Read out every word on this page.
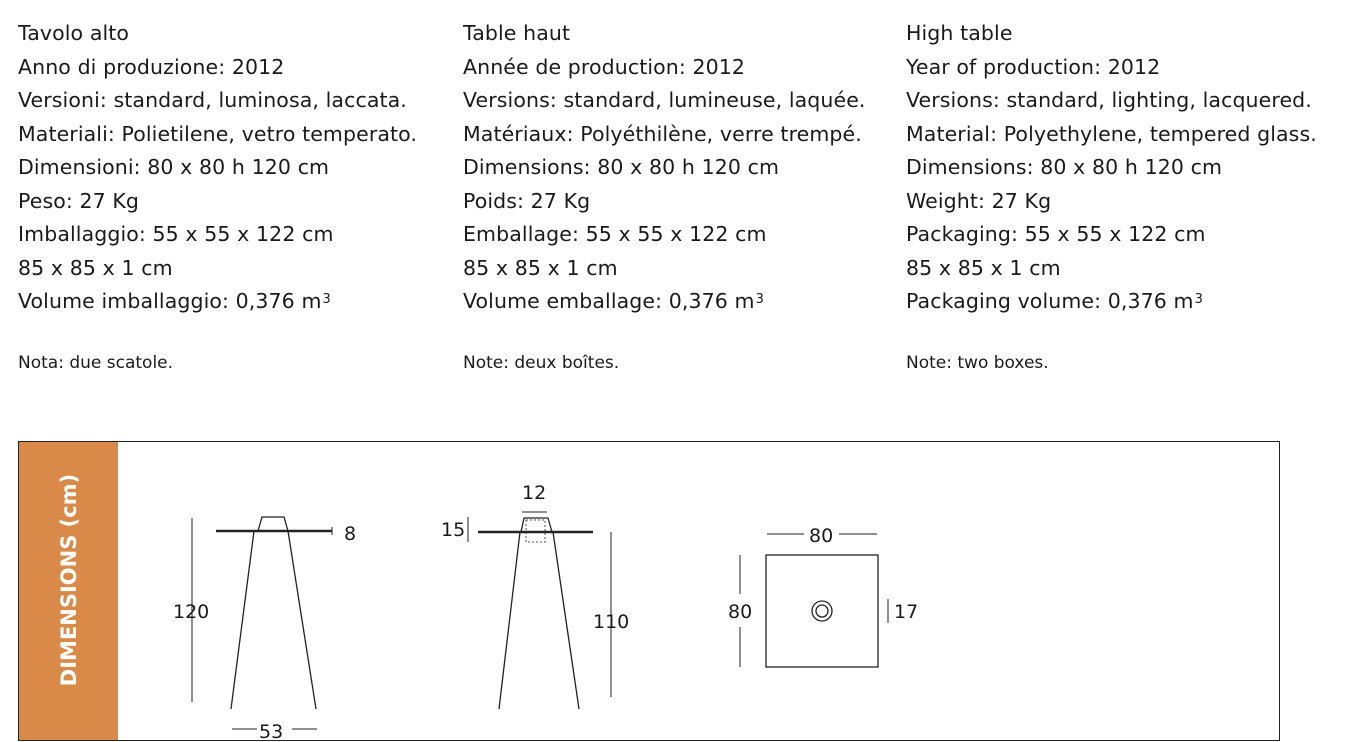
Tavolo alto
Anno di produzione: 2012
Versioni: standard, luminosa, laccata.
Materiali: Polietilene, vetro temperato.
Dimensioni: 80 x 80 h 120 cm
Peso: 27 Kg
Imballaggio: 55 x 55 x 122 cm
85 x 85 x 1 cm
Volume imballaggio: 0,376 $m^3$
Nota: due scatole.
Table haut
Année de production: 2012
Versions: standard, lumineuse, laquée.
Matériaux: Polyéthilène, verre trempé.
Dimensions: 80 x 80 h 120 cm
Poids: 27 Kg
Emballage: 55 x 55 x 122 cm
85 x 85 x 1 cm
Volume emballage: 0,376 $m^3$
Note: deux boîtes.
High table
Year of production: 2012
Versions: standard, lighting, lacquered.
Material: Polyethylene, tempered glass.
Dimensions: 80 x 80 h 120 cm
Weight: 27 Kg
Packaging: 55 x 55 x 122 cm
85 x 85 x 1 cm
Packaging volume: 0,376 $m^3$
Note: two boxes.
DIMENSIONS (cm)	120
8
53
12
15
110
80
80	17
